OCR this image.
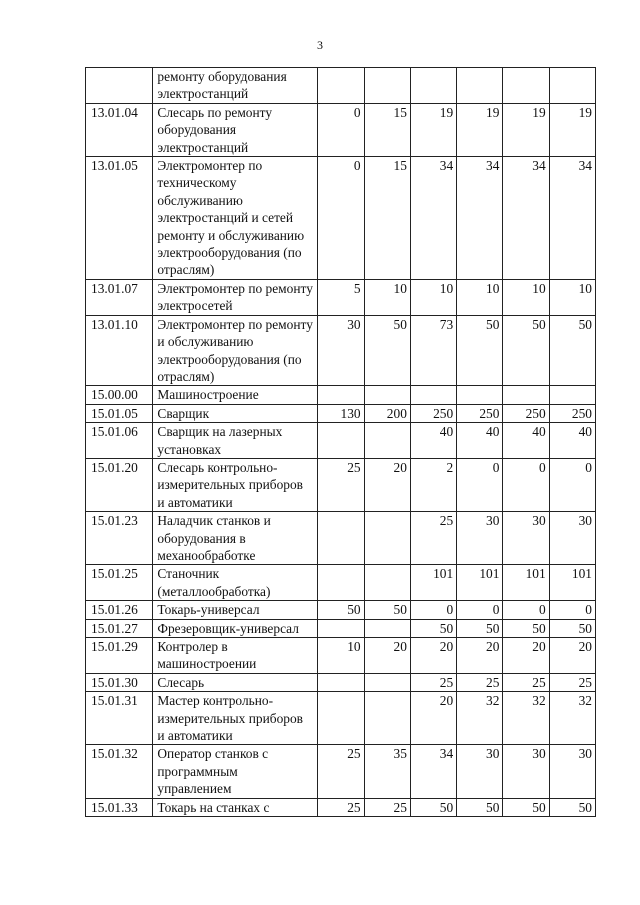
3
	ремонту оборудования электростанций						
13.01.04	Слесарь по ремонту оборудования электростанций	0	15	19	19	19	19
13.01.05	Электромонтер по техническому обслуживанию электростанций и сетей ремонту и обслуживанию электрооборудования (по отраслям)	0	15	34	34	34	34
13.01.07	Электромонтер по ремонту электросетей	5	10	10	10	10	10
13.01.10	Электромонтер по ремонту и обслуживанию электрооборудования (по отраслям)	30	50	73	50	50	50
15.00.00	Машиностроение						
15.01.05	Сварщик	130	200	250	250	250	250
15.01.06	Сварщик на лазерных установках			40	40	40	40
15.01.20	Слесарь контрольно-измерительных приборов и автоматики	25	20	2	0	0	0
15.01.23	Наладчик станков и оборудования в механообработке			25	30	30	30
15.01.25	Станочник (металлообработка)			101	101	101	101
15.01.26	Токарь-универсал	50	50	0	0	0	0
15.01.27	Фрезеровщик-универсал			50	50	50	50
15.01.29	Контролер в машиностроении	10	20	20	20	20	20
15.01.30	Слесарь			25	25	25	25
15.01.31	Мастер контрольно-измерительных приборов и автоматики			20	32	32	32
15.01.32	Оператор станков с программным управлением	25	35	34	30	30	30
15.01.33	Токарь на станках с	25	25	50	50	50	50
